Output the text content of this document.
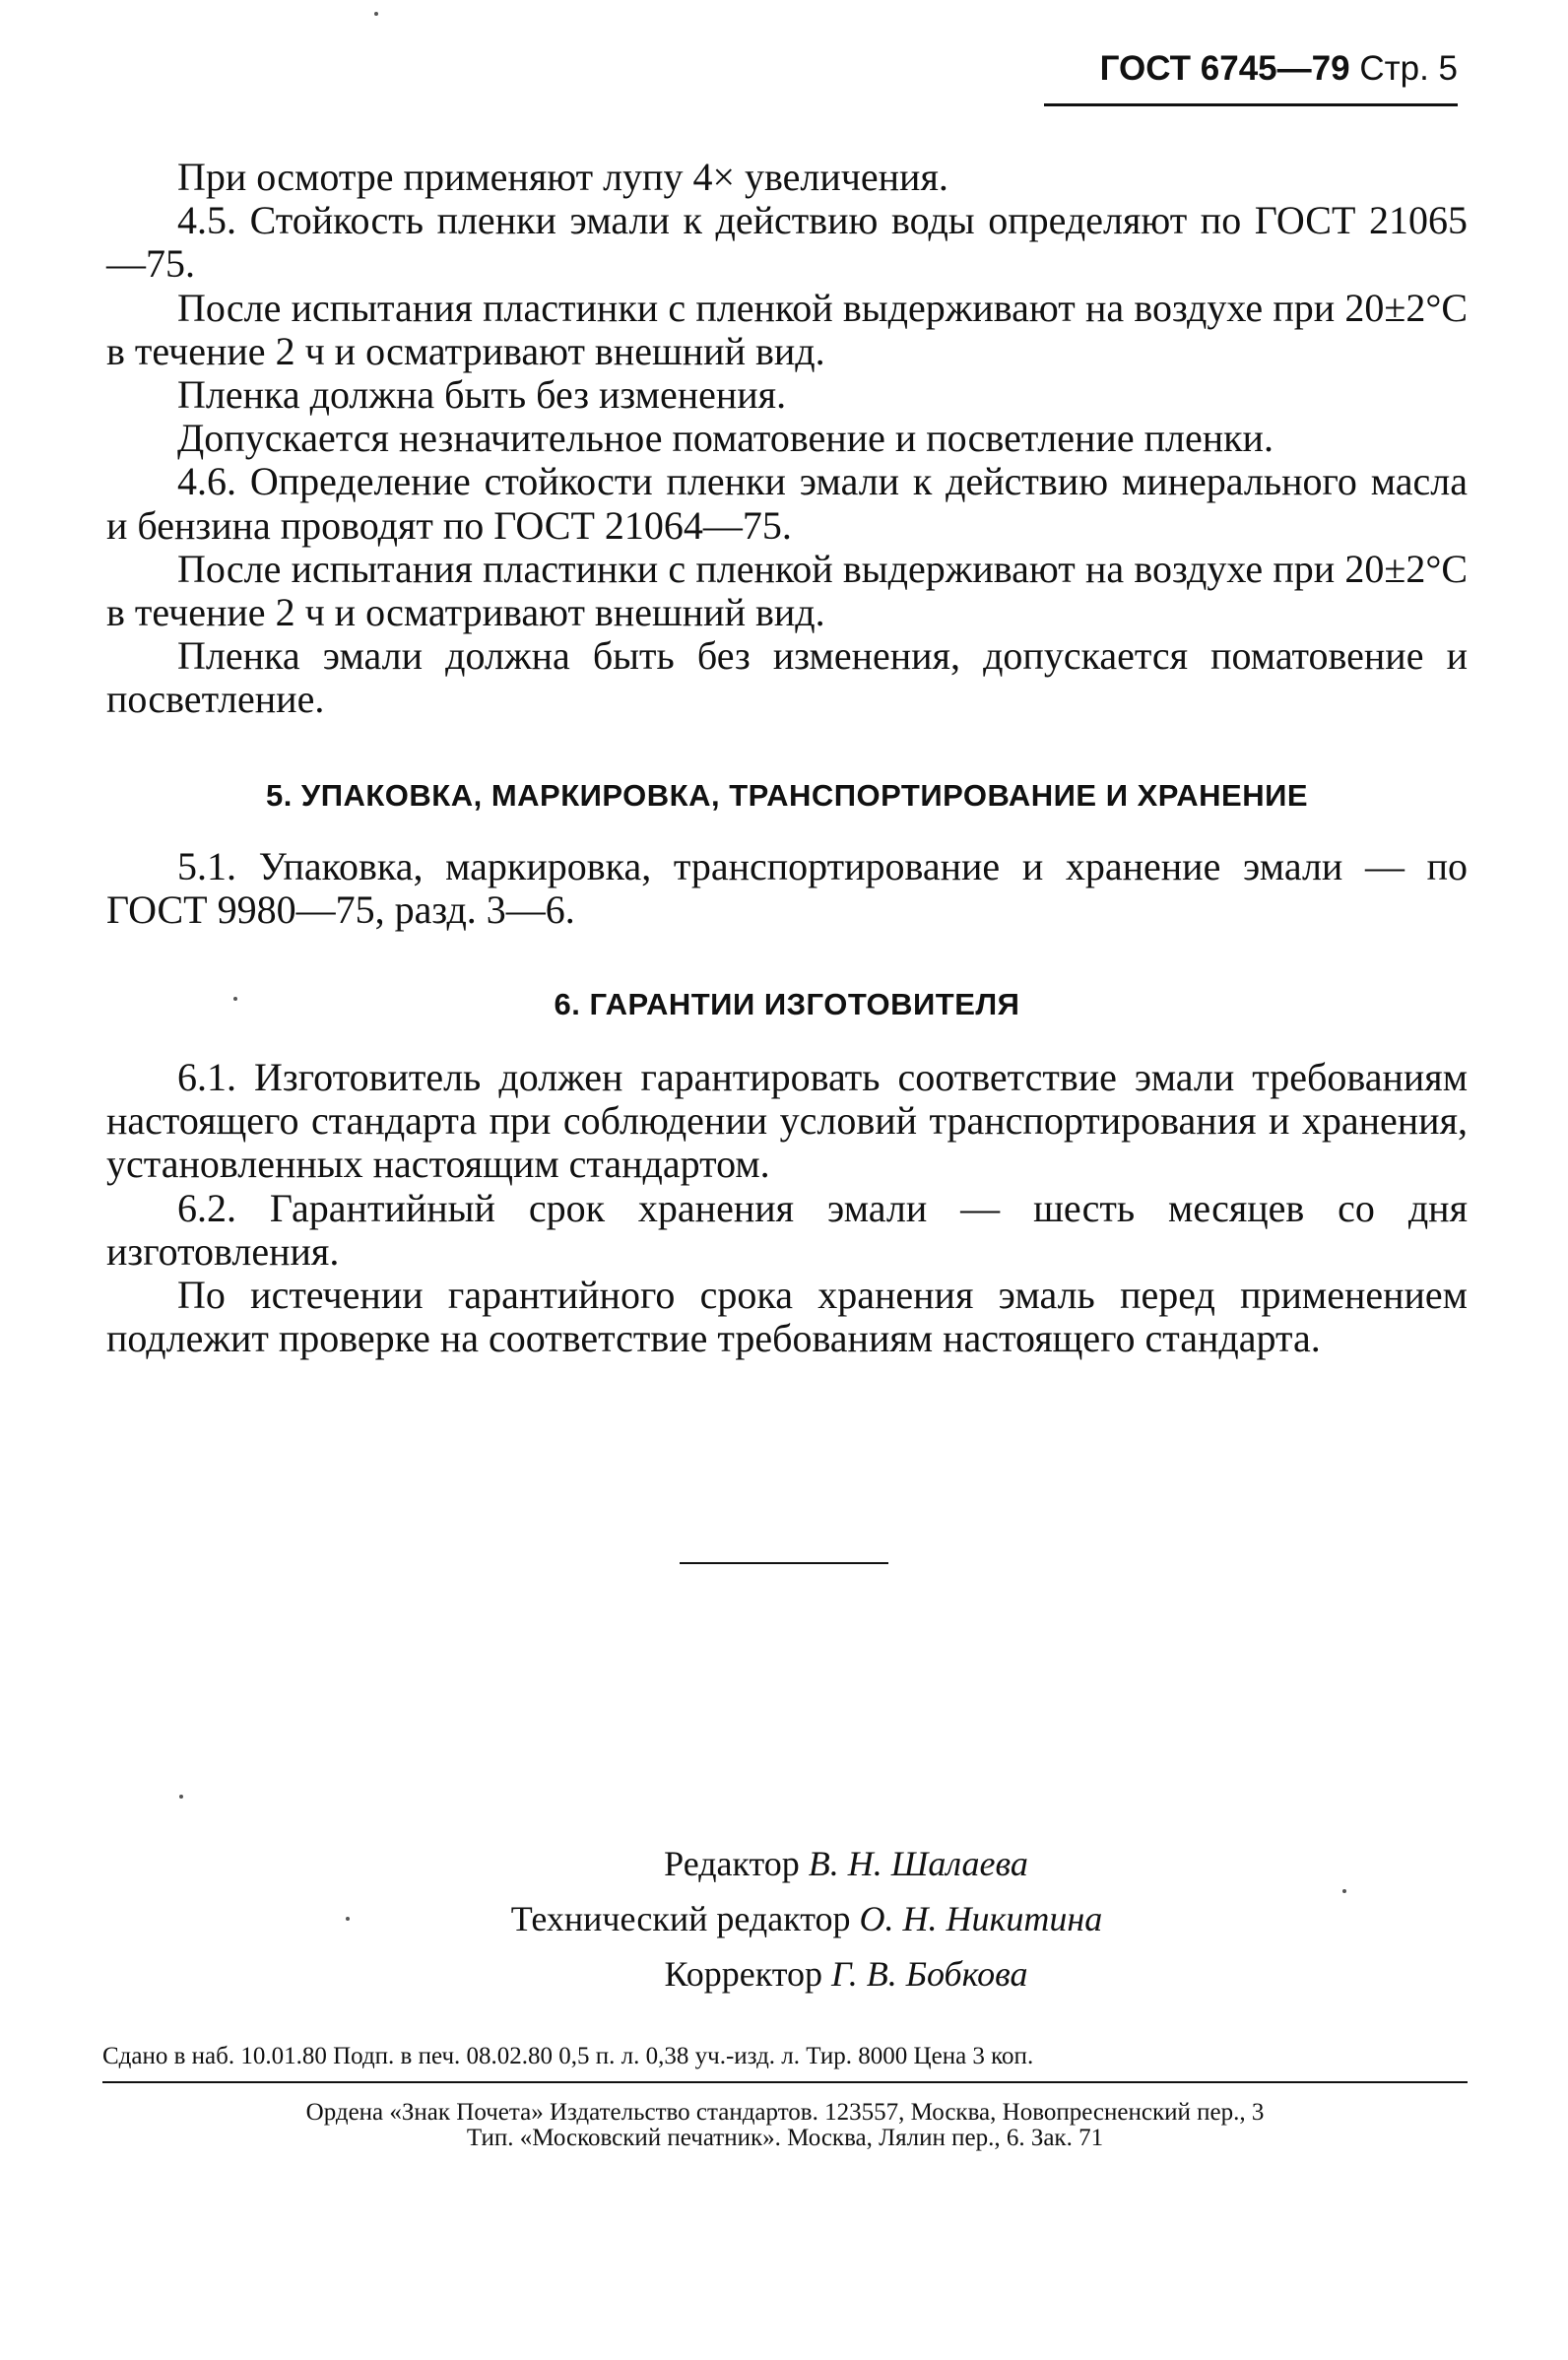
ГОСТ 6745—79 Стр. 5

При осмотре применяют лупу 4× увеличения.

4.5. Стойкость пленки эмали к действию воды определяют по ГОСТ 21065—75.

После испытания пластинки с пленкой выдерживают на воздухе при 20±2°С в течение 2 ч и осматривают внешний вид.

Пленка должна быть без изменения.

Допускается незначительное поматовение и посветление пленки.

4.6. Определение стойкости пленки эмали к действию минерального масла и бензина проводят по ГОСТ 21064—75.

После испытания пластинки с пленкой выдерживают на воздухе при 20±2°С в течение 2 ч и осматривают внешний вид.

Пленка эмали должна быть без изменения, допускается поматовение и посветление.

5. УПАКОВКА, МАРКИРОВКА, ТРАНСПОРТИРОВАНИЕ И ХРАНЕНИЕ

5.1. Упаковка, маркировка, транспортирование и хранение эмали — по ГОСТ 9980—75, разд. 3—6.

6. ГАРАНТИИ ИЗГОТОВИТЕЛЯ

6.1. Изготовитель должен гарантировать соответствие эмали требованиям настоящего стандарта при соблюдении условий транспортирования и хранения, установленных настоящим стандартом.

6.2. Гарантийный срок хранения эмали — шесть месяцев со дня изготовления.

По истечении гарантийного срока хранения эмаль перед применением подлежит проверке на соответствие требованиям настоящего стандарта.

Редактор В. Н. Шалаева
Технический редактор О. Н. Никитина
Корректор Г. В. Бобкова
Сдано в наб. 10.01.80 Подп. в печ. 08.02.80 0,5 п. л. 0,38 уч.-изд. л. Тир. 8000 Цена 3 коп.
Ордена «Знак Почета» Издательство стандартов. 123557, Москва, Новопресненский пер., 3
Тип. «Московский печатник». Москва, Лялин пер., 6. Зак. 71
